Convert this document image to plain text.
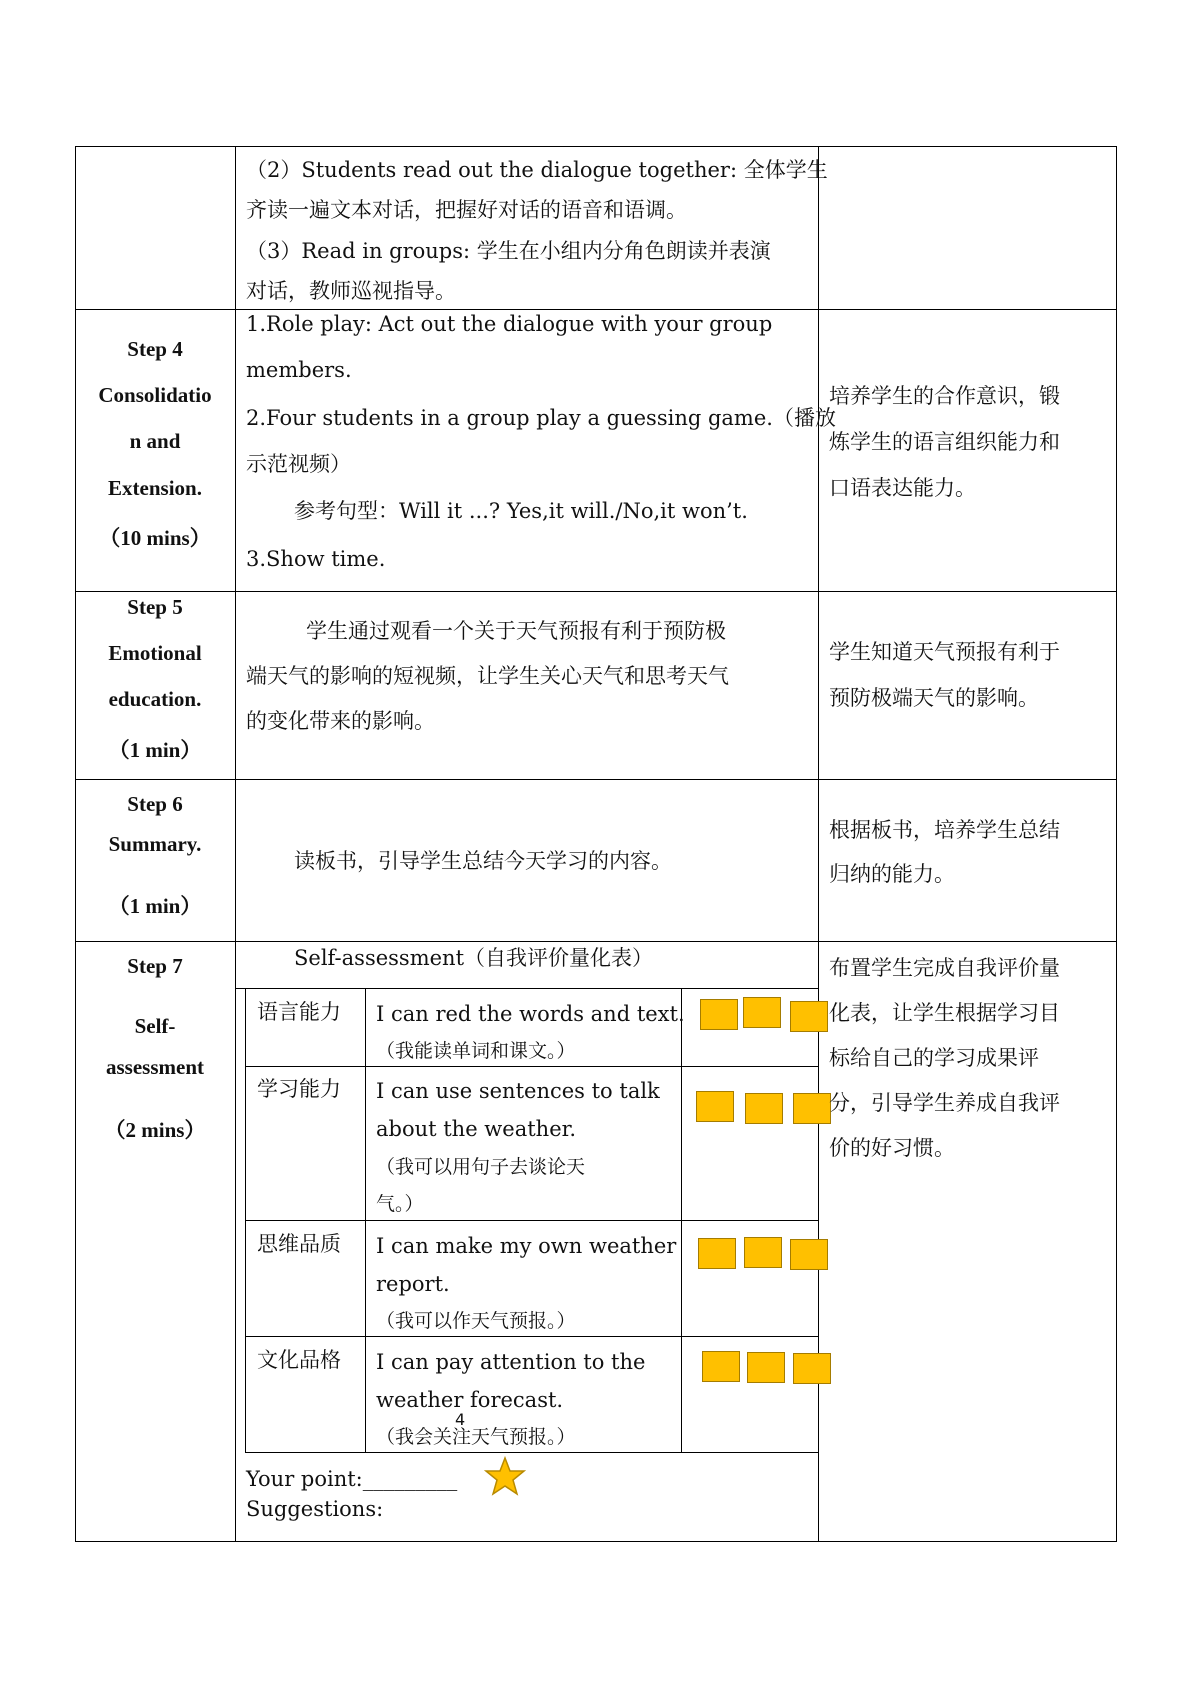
（2）Students read out the dialogue together: 全体学生
齐读一遍文本对话，把握好对话的语音和语调。
（3）Read in groups: 学生在小组内分角色朗读并表演
对话，教师巡视指导。
Step 4
Consolidatio
n and
Extension.
（10 mins）
1.Role play: Act out the dialogue with your group
members.
2.Four students in a group play a guessing game.（播放
示范视频）
参考句型：Will it ...? Yes,it will./No,it won’t.
3.Show time.
培养学生的合作意识，锻
炼学生的语言组织能力和
口语表达能力。
Step 5
Emotional
education.
（1 min）
学生通过观看一个关于天气预报有利于预防极
端天气的影响的短视频，让学生关心天气和思考天气
的变化带来的影响。
学生知道天气预报有利于
预防极端天气的影响。
Step 6
Summary.
（1 min）
读板书，引导学生总结今天学习的内容。
根据板书，培养学生总结
归纳的能力。
Step 7
Self-
assessment
（2 mins）
Self-assessment（自我评价量化表）
语言能力 I can red the words and text.
（我能读单词和课文。）
学习能力 I can use sentences to talk
about the weather.
（我可以用句子去谈论天
气。）
思维品质 I can make my own weather
report.
（我可以作天气预报。）
文化品格 I can pay attention to the
weather forecast.
（我会关注天气预报。）
Your point:_________
Suggestions:
布置学生完成自我评价量
化表，让学生根据学习目
标给自己的学习成果评
分，引导学生养成自我评
价的好习惯。
4
